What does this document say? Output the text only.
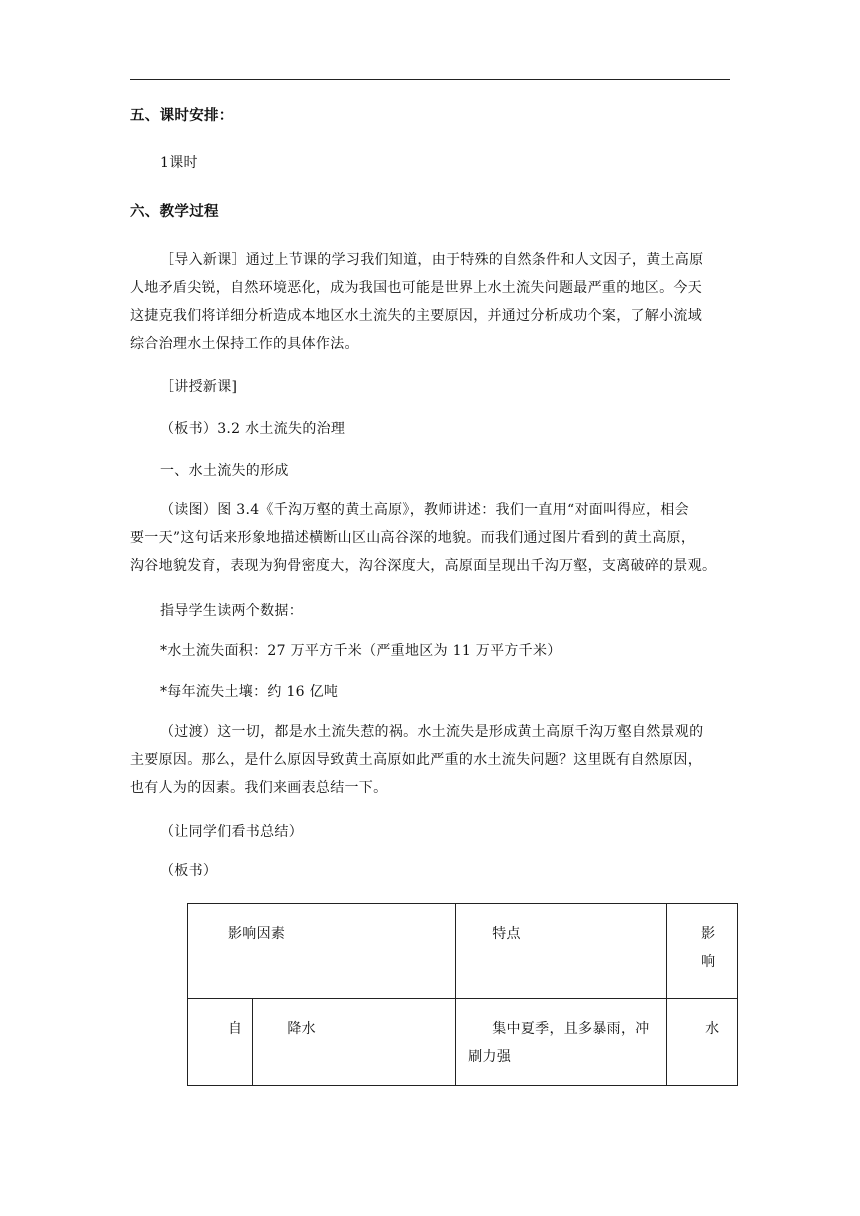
五、课时安排：
1课时
六、教学过程
［导入新课］通过上节课的学习我们知道，由于特殊的自然条件和人文因子，黄土高原
人地矛盾尖锐，自然环境恶化，成为我国也可能是世界上水土流失问题最严重的地区。今天
这捷克我们将详细分析造成本地区水土流失的主要原因，并通过分析成功个案，了解小流域
综合治理水土保持工作的具体作法。
［讲授新课]
（板书）3.2 水土流失的治理
一、水土流失的形成
（读图）图 3.4《千沟万壑的黄土高原》，教师讲述：我们一直用“对面叫得应，相会
要一天”这句话来形象地描述横断山区山高谷深的地貌。而我们通过图片看到的黄土高原，
沟谷地貌发育，表现为狗骨密度大，沟谷深度大，高原面呈现出千沟万壑，支离破碎的景观。
指导学生读两个数据：
*水土流失面积：27 万平方千米（严重地区为 11 万平方千米）
*每年流失土壤：约 16 亿吨
（过渡）这一切，都是水土流失惹的祸。水土流失是形成黄土高原千沟万壑自然景观的
主要原因。那么，是什么原因导致黄土高原如此严重的水土流失问题？这里既有自然原因，
也有人为的因素。我们来画表总结一下。
（让同学们看书总结）
（板书）
影响因素		特点	影响

自	降水	集中夏季，且多暴雨，冲刷力强	水
